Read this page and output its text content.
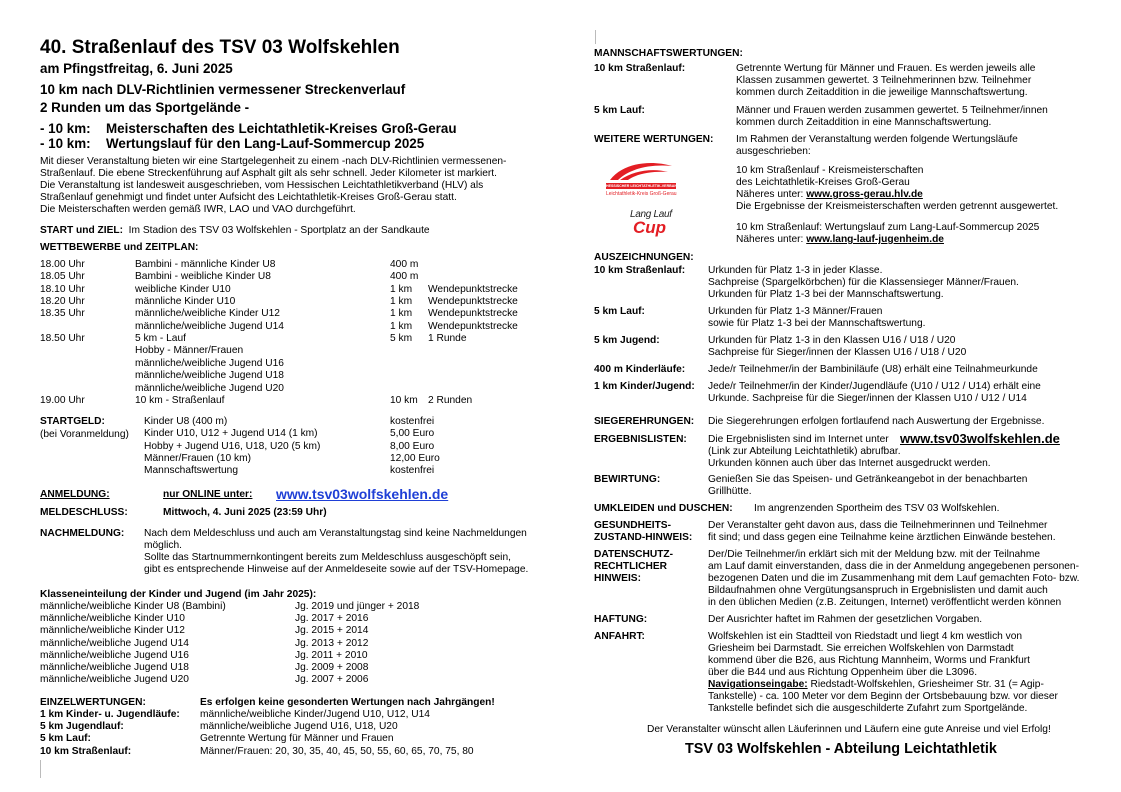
40. Straßenlauf des TSV 03 Wolfskehlen
am Pfingstfreitag, 6. Juni 2025
10 km nach DLV-Richtlinien vermessener Streckenverlauf
2 Runden um das Sportgelände -
- 10 km: Meisterschaften des Leichtathletik-Kreises Groß-Gerau
- 10 km: Wertungslauf für den Lang-Lauf-Sommercup 2025
Mit dieser Veranstaltung bieten wir eine Startgelegenheit zu einem -nach DLV-Richtlinien vermessenen-
Straßenlauf. Die ebene Streckenführung auf Asphalt gilt als sehr schnell. Jeder Kilometer ist markiert.
Die Veranstaltung ist landesweit ausgeschrieben, vom Hessischen Leichtathletikverband (HLV) als
Straßenlauf genehmigt und findet unter Aufsicht des Leichtathletik-Kreises Groß-Gerau statt.
Die Meisterschaften werden gemäß IWR, LAO und VAO durchgeführt.
START und ZIEL: Im Stadion des TSV 03 Wolfskehlen - Sportplatz an der Sandkaute
WETTBEWERBE und ZEITPLAN:
18.00 Uhr	Bambini - männliche Kinder U8	400 m
18.05 Uhr	Bambini - weibliche Kinder U8	400 m
18.10 Uhr	weibliche Kinder U10	1 km Wendepunktstrecke
18.20 Uhr	männliche Kinder U10	1 km Wendepunktstrecke
18.35 Uhr	männliche/weibliche Kinder U12	1 km Wendepunktstrecke
männliche/weibliche Jugend U14	1 km Wendepunktstrecke
18.50 Uhr	5 km - Lauf	5 km 1 Runde
Hobby - Männer/Frauen
männliche/weibliche Jugend U16
männliche/weibliche Jugend U18
männliche/weibliche Jugend U20
19.00 Uhr	10 km - Straßenlauf	10 km 2 Runden
STARTGELD:
(bei Voranmeldung)
Kinder U8 (400 m)	kostenfrei
Kinder U10, U12 + Jugend U14 (1 km)	5,00 Euro
Hobby + Jugend U16, U18, U20 (5 km)	8,00 Euro
Männer/Frauen (10 km)	12,00 Euro
Mannschaftswertung	kostenfrei
ANMELDUNG:	nur ONLINE unter: www.tsv03wolfskehlen.de
MELDESCHLUSS:	Mittwoch, 4. Juni 2025 (23:59 Uhr)
NACHMELDUNG: Nach dem Meldeschluss und auch am Veranstaltungstag sind keine Nachmeldungen
möglich.
Sollte das Startnummernkontingent bereits zum Meldeschluss ausgeschöpft sein,
gibt es entsprechende Hinweise auf der Anmeldeseite sowie auf der TSV-Homepage.
Klasseneinteilung der Kinder und Jugend (im Jahr 2025):
männliche/weibliche Kinder U8 (Bambini)	Jg. 2019 und jünger + 2018
männliche/weibliche Kinder U10	Jg. 2017 + 2016
männliche/weibliche Kinder U12	Jg. 2015 + 2014
männliche/weibliche Jugend U14	Jg. 2013 + 2012
männliche/weibliche Jugend U16	Jg. 2011 + 2010
männliche/weibliche Jugend U18	Jg. 2009 + 2008
männliche/weibliche Jugend U20	Jg. 2007 + 2006
EINZELWERTUNGEN:	Es erfolgen keine gesonderten Wertungen nach Jahrgängen!
1 km Kinder- u. Jugendläufe: männliche/weibliche Kinder/Jugend U10, U12, U14
5 km Jugendlauf:	männliche/weibliche Jugend U16, U18, U20
5 km Lauf:	Getrennte Wertung für Männer und Frauen
10 km Straßenlauf:	Männer/Frauen: 20, 30, 35, 40, 45, 50, 55, 60, 65, 70, 75, 80
MANNSCHAFTSWERTUNGEN:
10 km Straßenlauf:	Getrennte Wertung für Männer und Frauen. Es werden jeweils alle
Klassen zusammen gewertet. 3 Teilnehmerinnen bzw. Teilnehmer
kommen durch Zeitaddition in die jeweilige Mannschaftswertung.
5 km Lauf:	Männer und Frauen werden zusammen gewertet. 5 Teilnehmer/innen
kommen durch Zeitaddition in eine Mannschaftswertung.
WEITERE WERTUNGEN: Im Rahmen der Veranstaltung werden folgende Wertungsläufe
ausgeschrieben:
HESSISCHER LEICHTATHLETIK-VERBAND
Leichtathletik-Kreis Groß-Gerau
Lang Lauf
Cup
10 km Straßenlauf - Kreismeisterschaften
des Leichtathletik-Kreises Groß-Gerau
Näheres unter: www.gross-gerau.hlv.de
Die Ergebnisse der Kreismeisterschaften werden getrennt ausgewertet.
10 km Straßenlauf: Wertungslauf zum Lang-Lauf-Sommercup 2025
Näheres unter: www.lang-lauf-jugenheim.de
AUSZEICHNUNGEN:
10 km Straßenlauf: Urkunden für Platz 1-3 in jeder Klasse.
Sachpreise (Spargelkörbchen) für die Klassensieger Männer/Frauen.
Urkunden für Platz 1-3 bei der Mannschaftswertung.
5 km Lauf:	Urkunden für Platz 1-3 Männer/Frauen
sowie für Platz 1-3 bei der Mannschaftswertung.
5 km Jugend:	Urkunden für Platz 1-3 in den Klassen U16 / U18 / U20
Sachpreise für Sieger/innen der Klassen U16 / U18 / U20
400 m Kinderläufe: Jede/r Teilnehmer/in der Bambiniläufe (U8) erhält eine Teilnahmeurkunde
1 km Kinder/Jugend: Jede/r Teilnehmer/in der Kinder/Jugendläufe (U10 / U12 / U14) erhält eine
Urkunde. Sachpreise für die Sieger/innen der Klassen U10 / U12 / U14
SIEGEREHRUNGEN: Die Siegerehrungen erfolgen fortlaufend nach Auswertung der Ergebnisse.
ERGEBNISLISTEN: Die Ergebnislisten sind im Internet unter www.tsv03wolfskehlen.de
(Link zur Abteilung Leichtathletik) abrufbar.
Urkunden können auch über das Internet ausgedruckt werden.
BEWIRTUNG:	Genießen Sie das Speisen- und Getränkeangebot in der benachbarten
Grillhütte.
UMKLEIDEN und DUSCHEN: Im angrenzenden Sportheim des TSV 03 Wolfskehlen.
GESUNDHEITS-
ZUSTAND-HINWEIS:
Der Veranstalter geht davon aus, dass die Teilnehmerinnen und Teilnehmer
fit sind; und dass gegen eine Teilnahme keine ärztlichen Einwände bestehen.
DATENSCHUTZ-
RECHTLICHER
HINWEIS:
Der/Die Teilnehmer/in erklärt sich mit der Meldung bzw. mit der Teilnahme
am Lauf damit einverstanden, dass die in der Anmeldung angegebenen personen-
bezogenen Daten und die im Zusammenhang mit dem Lauf gemachten Foto- bzw.
Bildaufnahmen ohne Vergütungsanspruch in Ergebnislisten und damit auch
in den üblichen Medien (z.B. Zeitungen, Internet) veröffentlicht werden können
HAFTUNG:	Der Ausrichter haftet im Rahmen der gesetzlichen Vorgaben.
ANFAHRT:	Wolfskehlen ist ein Stadtteil von Riedstadt und liegt 4 km westlich von
Griesheim bei Darmstadt. Sie erreichen Wolfskehlen von Darmstadt
kommend über die B26, aus Richtung Mannheim, Worms und Frankfurt
über die B44 und aus Richtung Oppenheim über die L3096.
Navigationseingabe: Riedstadt-Wolfskehlen, Griesheimer Str. 31 (= Agip-
Tankstelle) - ca. 100 Meter vor dem Beginn der Ortsbebauung bzw. vor dieser
Tankstelle befindet sich die ausgeschilderte Zufahrt zum Sportgelände.
Der Veranstalter wünscht allen Läuferinnen und Läufern eine gute Anreise und viel Erfolg!
TSV 03 Wolfskehlen - Abteilung Leichtathletik
